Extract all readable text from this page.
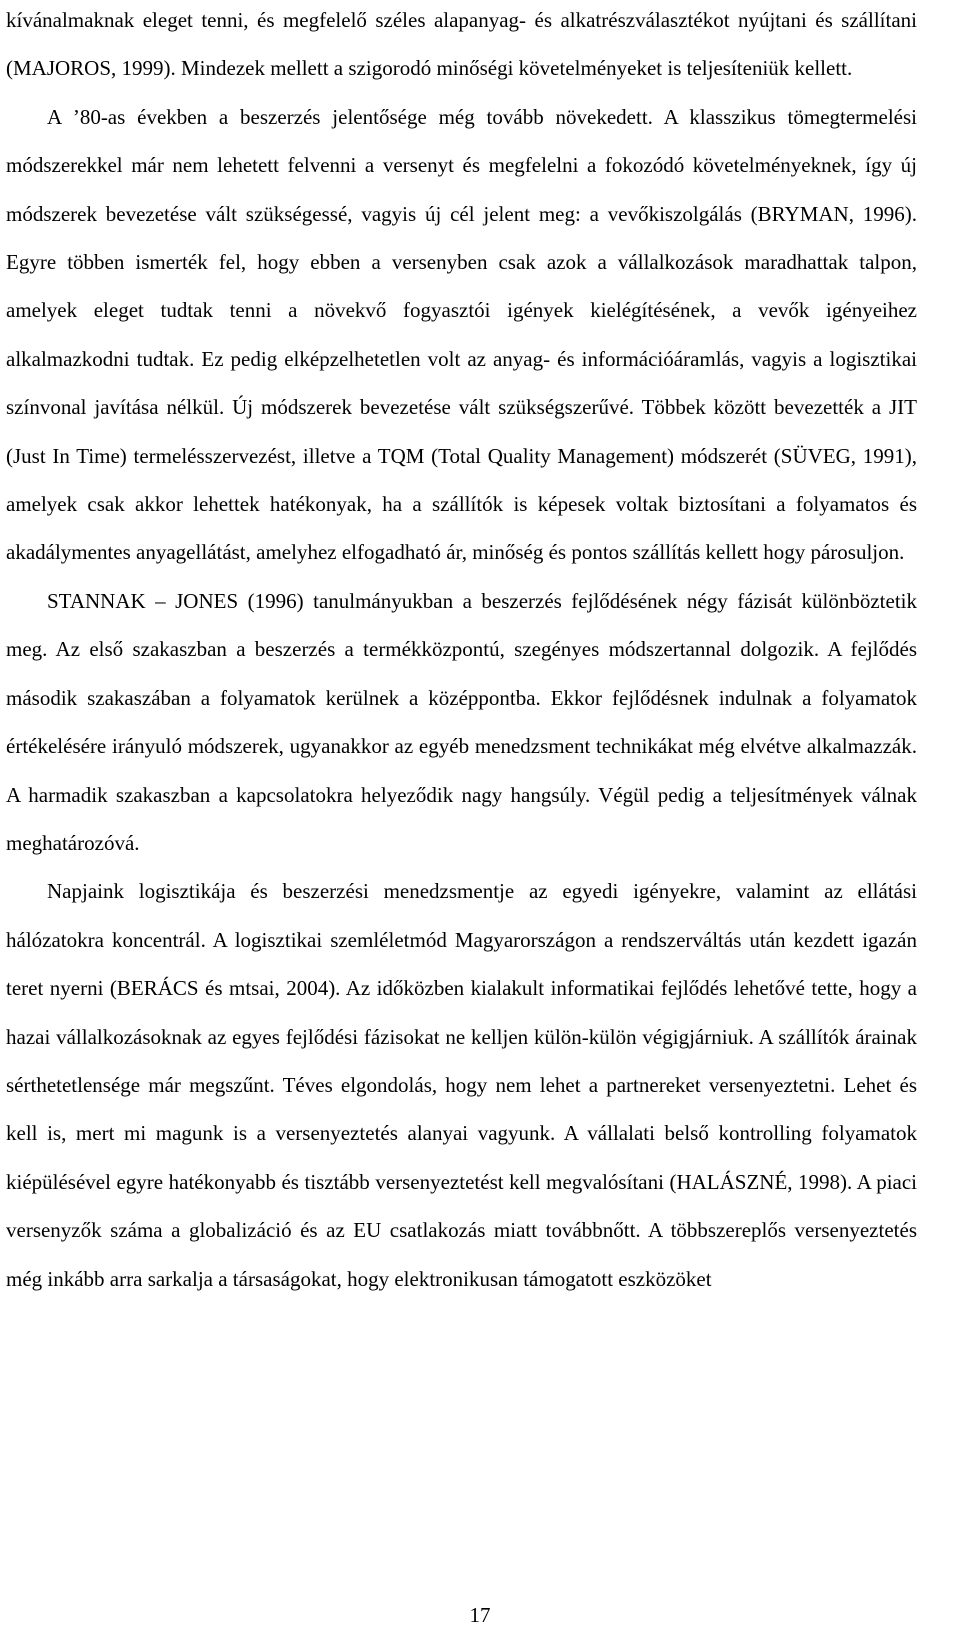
kívánalmaknak eleget tenni, és megfelelő széles alapanyag- és alkatrészválasztékot nyújtani és szállítani (MAJOROS, 1999). Mindezek mellett a szigorodó minőségi követelményeket is teljesíteniük kellett.

A ’80-as években a beszerzés jelentősége még tovább növekedett. A klasszikus tömegtermelési módszerekkel már nem lehetett felvenni a versenyt és megfelelni a fokozódó követelményeknek, így új módszerek bevezetése vált szükségessé, vagyis új cél jelent meg: a vevőkiszolgálás (BRYMAN, 1996). Egyre többen ismerték fel, hogy ebben a versenyben csak azok a vállalkozások maradhattak talpon, amelyek eleget tudtak tenni a növekvő fogyasztói igények kielégítésének, a vevők igényeihez alkalmazkodni tudtak. Ez pedig elképzelhetetlen volt az anyag- és információáramlás, vagyis a logisztikai színvonal javítása nélkül. Új módszerek bevezetése vált szükségszerűvé. Többek között bevezették a JIT (Just In Time) termelésszervezést, illetve a TQM (Total Quality Management) módszerét (SÜVEG, 1991), amelyek csak akkor lehettek hatékonyak, ha a szállítók is képesek voltak biztosítani a folyamatos és akadálymentes anyagellátást, amelyhez elfogadható ár, minőség és pontos szállítás kellett hogy párosuljon.

STANNAK – JONES (1996) tanulmányukban a beszerzés fejlődésének négy fázisát különböztetik meg. Az első szakaszban a beszerzés a termékközpontú, szegényes módszertannal dolgozik. A fejlődés második szakaszában a folyamatok kerülnek a középpontba. Ekkor fejlődésnek indulnak a folyamatok értékelésére irányuló módszerek, ugyanakkor az egyéb menedzsment technikákat még elvétve alkalmazzák. A harmadik szakaszban a kapcsolatokra helyeződik nagy hangsúly. Végül pedig a teljesítmények válnak meghatározóvá.

Napjaink logisztikája és beszerzési menedzsmentje az egyedi igényekre, valamint az ellátási hálózatokra koncentrál. A logisztikai szemléletmód Magyarországon a rendszerváltás után kezdett igazán teret nyerni (BERÁCS és mtsai, 2004). Az időközben kialakult informatikai fejlődés lehetővé tette, hogy a hazai vállalkozásoknak az egyes fejlődési fázisokat ne kelljen külön-külön végigjárniuk. A szállítók árainak sérthetetlensége már megszűnt. Téves elgondolás, hogy nem lehet a partnereket versenyeztetni. Lehet és kell is, mert mi magunk is a versenyeztetés alanyai vagyunk. A vállalati belső kontrolling folyamatok kiépülésével egyre hatékonyabb és tisztább versenyeztetést kell megvalósítani (HALÁSZNÉ, 1998). A piaci versenyzők száma a globalizáció és az EU csatlakozás miatt továbbnőtt. A többszereplős versenyeztetés még inkább arra sarkalja a társaságokat, hogy elektronikusan támogatott eszközöket

17
